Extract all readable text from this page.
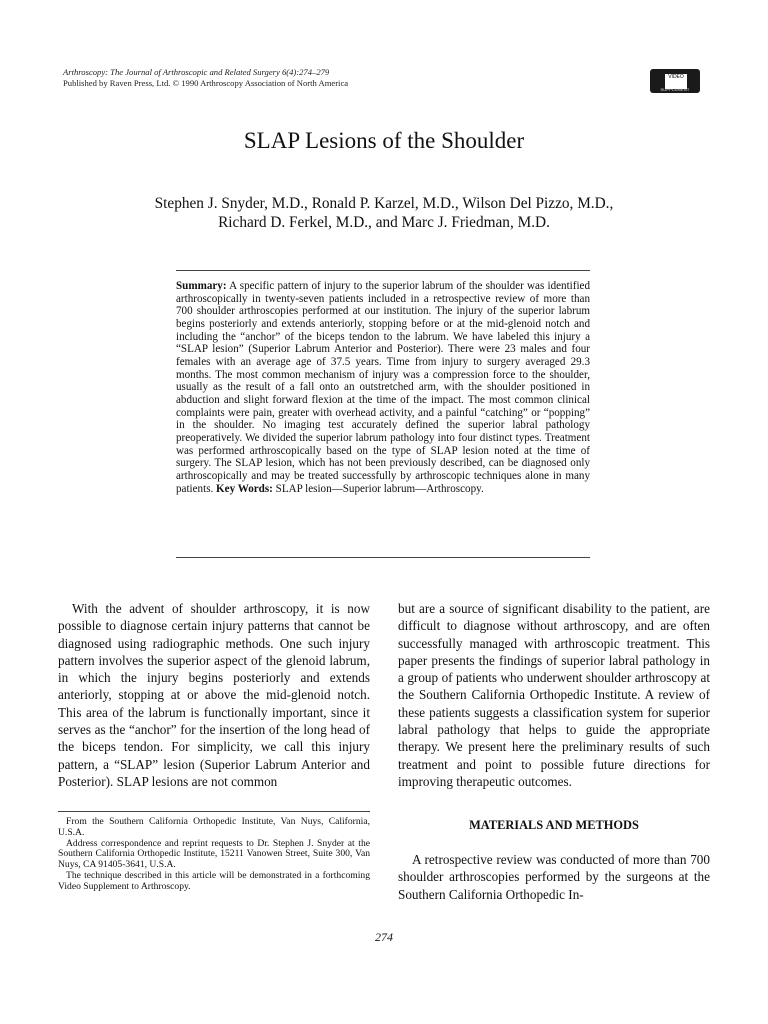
Arthroscopy: The Journal of Arthroscopic and Related Surgery 6(4):274–279
Published by Raven Press, Ltd. © 1990 Arthroscopy Association of North America
VIDEO
SUPPLEMENT
SLAP Lesions of the Shoulder
Stephen J. Snyder, M.D., Ronald P. Karzel, M.D., Wilson Del Pizzo, M.D.,
Richard D. Ferkel, M.D., and Marc J. Friedman, M.D.

Summary: A specific pattern of injury to the superior labrum of the shoulder was identified arthroscopically in twenty-seven patients included in a retrospective review of more than 700 shoulder arthroscopies performed at our institution. The injury of the superior labrum begins posteriorly and extends anteriorly, stopping before or at the mid-glenoid notch and including the “anchor” of the biceps tendon to the labrum. We have labeled this injury a “SLAP lesion” (Superior Labrum Anterior and Posterior). There were 23 males and four females with an average age of 37.5 years. Time from injury to surgery averaged 29.3 months. The most common mechanism of injury was a compression force to the shoulder, usually as the result of a fall onto an outstretched arm, with the shoulder positioned in abduction and slight forward flexion at the time of the impact. The most common clinical complaints were pain, greater with overhead activity, and a painful “catching” or “popping” in the shoulder. No imaging test accurately defined the superior labral pathology preoperatively. We divided the superior labrum pathology into four distinct types. Treatment was performed arthroscopically based on the type of SLAP lesion noted at the time of surgery. The SLAP lesion, which has not been previously described, can be diagnosed only arthroscopically and may be treated successfully by arthroscopic techniques alone in many patients. Key Words: SLAP lesion—Superior labrum—Arthroscopy.

With the advent of shoulder arthroscopy, it is now possible to diagnose certain injury patterns that cannot be diagnosed using radiographic methods. One such injury pattern involves the superior aspect of the glenoid labrum, in which the injury begins posteriorly and extends anteriorly, stopping at or above the mid-glenoid notch. This area of the labrum is functionally important, since it serves as the “anchor” for the insertion of the long head of the biceps tendon. For simplicity, we call this injury pattern, a “SLAP” lesion (Superior Labrum Anterior and Posterior). SLAP lesions are not common

but are a source of significant disability to the patient, are difficult to diagnose without arthroscopy, and are often successfully managed with arthroscopic treatment. This paper presents the findings of superior labral pathology in a group of patients who underwent shoulder arthroscopy at the Southern California Orthopedic Institute. A review of these patients suggests a classification system for superior labral pathology that helps to guide the appropriate therapy. We present here the preliminary results of such treatment and point to possible future directions for improving therapeutic outcomes.

From the Southern California Orthopedic Institute, Van Nuys, California, U.S.A.

Address correspondence and reprint requests to Dr. Stephen J. Snyder at the Southern California Orthopedic Institute, 15211 Vanowen Street, Suite 300, Van Nuys, CA 91405-3641, U.S.A.

The technique described in this article will be demonstrated in a forthcoming Video Supplement to Arthroscopy.

MATERIALS AND METHODS

A retrospective review was conducted of more than 700 shoulder arthroscopies performed by the surgeons at the Southern California Orthopedic In-

274
